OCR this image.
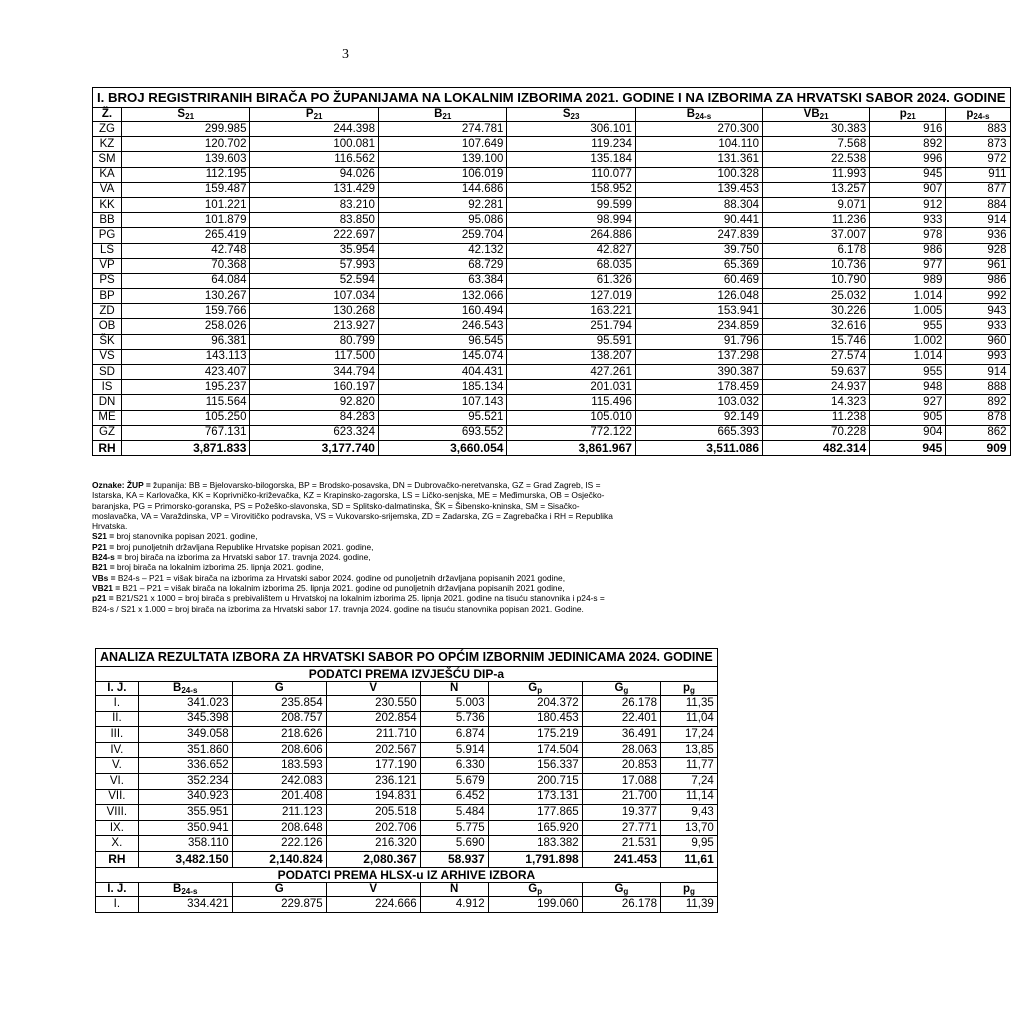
3
I. BROJ REGISTRIRANIH BIRAČA PO ŽUPANIJAMA NA LOKALNIM IZBORIMA 2021. GODINE I NA IZBORIMA ZA HRVATSKI SABOR 2024. GODINE								
Ž.	$S_{21}$	$P_{21}$	$B_{21}$	$S_{23}$	$B_{24-s}$	$VB_{21}$	$p_{21}$	$p_{24-s}$
ZG	299.985	244.398	274.781	306.101	270.300	30.383	916	883
KZ	120.702	100.081	107.649	119.234	104.110	7.568	892	873
SM	139.603	116.562	139.100	135.184	131.361	22.538	996	972
KA	112.195	94.026	106.019	110.077	100.328	11.993	945	911
VA	159.487	131.429	144.686	158.952	139.453	13.257	907	877
KK	101.221	83.210	92.281	99.599	88.304	9.071	912	884
BB	101.879	83.850	95.086	98.994	90.441	11.236	933	914
PG	265.419	222.697	259.704	264.886	247.839	37.007	978	936
LS	42.748	35.954	42.132	42.827	39.750	6.178	986	928
VP	70.368	57.993	68.729	68.035	65.369	10.736	977	961
PS	64.084	52.594	63.384	61.326	60.469	10.790	989	986
BP	130.267	107.034	132.066	127.019	126.048	25.032	1.014	992
ZD	159.766	130.268	160.494	163.221	153.941	30.226	1.005	943
OB	258.026	213.927	246.543	251.794	234.859	32.616	955	933
ŠK	96.381	80.799	96.545	95.591	91.796	15.746	1.002	960
VS	143.113	117.500	145.074	138.207	137.298	27.574	1.014	993
SD	423.407	344.794	404.431	427.261	390.387	59.637	955	914
IS	195.237	160.197	185.134	201.031	178.459	24.937	948	888
DN	115.564	92.820	107.143	115.496	103.032	14.323	927	892
ME	105.250	84.283	95.521	105.010	92.149	11.238	905	878
GZ	767.131	623.324	693.552	772.122	665.393	70.228	904	862
RH	3,871.833	3,177.740	3,660.054	3,861.967	3,511.086	482.314	945	909

Oznake: ŽUP = županija: BB = Bjelovarsko-bilogorska, BP = Brodsko-posavska, DN = Dubrovačko-neretvanska, GZ = Grad Zagreb, IS = Istarska, KA = Karlovačka, KK = Koprivničko-križevačka, KZ = Krapinsko-zagorska, LS = Ličko-senjska, ME = Međimurska, OB = Osječko-baranjska, PG = Primorsko-goranska, PS = Požeško-slavonska, SD = Splitsko-dalmatinska, ŠK = Šibensko-kninska, SM = Sisačko-moslavačka, VA = Varaždinska, VP = Virovitičko podravska, VS = Vukovarsko-srijemska, ZD = Zadarska, ZG = Zagrebačka i RH = Republika Hrvatska.

S21 = broj stanovnika popisan 2021. godine,

P21 = broj punoljetnih državljana Republike Hrvatske popisan 2021. godine,

B24-s = broj birača na izborima za Hrvatski sabor 17. travnja 2024. godine,

B21 = broj birača na lokalnim izborima 25. lipnja 2021. godine,

VBs = B24-s – P21 = višak birača na izborima za Hrvatski sabor 2024. godine od punoljetnih državljana popisanih 2021 godine,

VB21 = B21 – P21 = višak birača na lokalnim izborima 25. lipnja 2021. godine od punoljetnih državljana popisanih 2021 godine,

p21 = B21/S21 x 1000 = broj birača s prebivalištem u Hrvatskoj na lokalnim izborima 25. lipnja 2021. godine na tisuću stanovnika i p24-s = B24-s / S21 x 1.000 = broj birača na izborima za Hrvatski sabor 17. travnja 2024. godine na tisuću stanovnika popisan 2021. Godine.

ANALIZA REZULTATA IZBORA ZA HRVATSKI SABOR PO OPĆIM IZBORNIM JEDINICAMA 2024. GODINE							
PODATCI PREMA IZVJEŠĆU DIP-a							
I. J.	$B_{24-s}$	G	V	N	$G_p$	$G_g$	$p_g$
I.	341.023	235.854	230.550	5.003	204.372	26.178	11,35
II.	345.398	208.757	202.854	5.736	180.453	22.401	11,04
III.	349.058	218.626	211.710	6.874	175.219	36.491	17,24
IV.	351.860	208.606	202.567	5.914	174.504	28.063	13,85
V.	336.652	183.593	177.190	6.330	156.337	20.853	11,77
VI.	352.234	242.083	236.121	5.679	200.715	17.088	7,24
VII.	340.923	201.408	194.831	6.452	173.131	21.700	11,14
VIII.	355.951	211.123	205.518	5.484	177.865	19.377	9,43
IX.	350.941	208.648	202.706	5.775	165.920	27.771	13,70
X.	358.110	222.126	216.320	5.690	183.382	21.531	9,95
RH	3,482.150	2,140.824	2,080.367	58.937	1,791.898	241.453	11,61
PODATCI PREMA HLSX-u IZ ARHIVE IZBORA							
I. J.	$B_{24-s}$	G	V	N	$G_p$	$G_g$	$p_g$
I.	334.421	229.875	224.666	4.912	199.060	26.178	11,39
